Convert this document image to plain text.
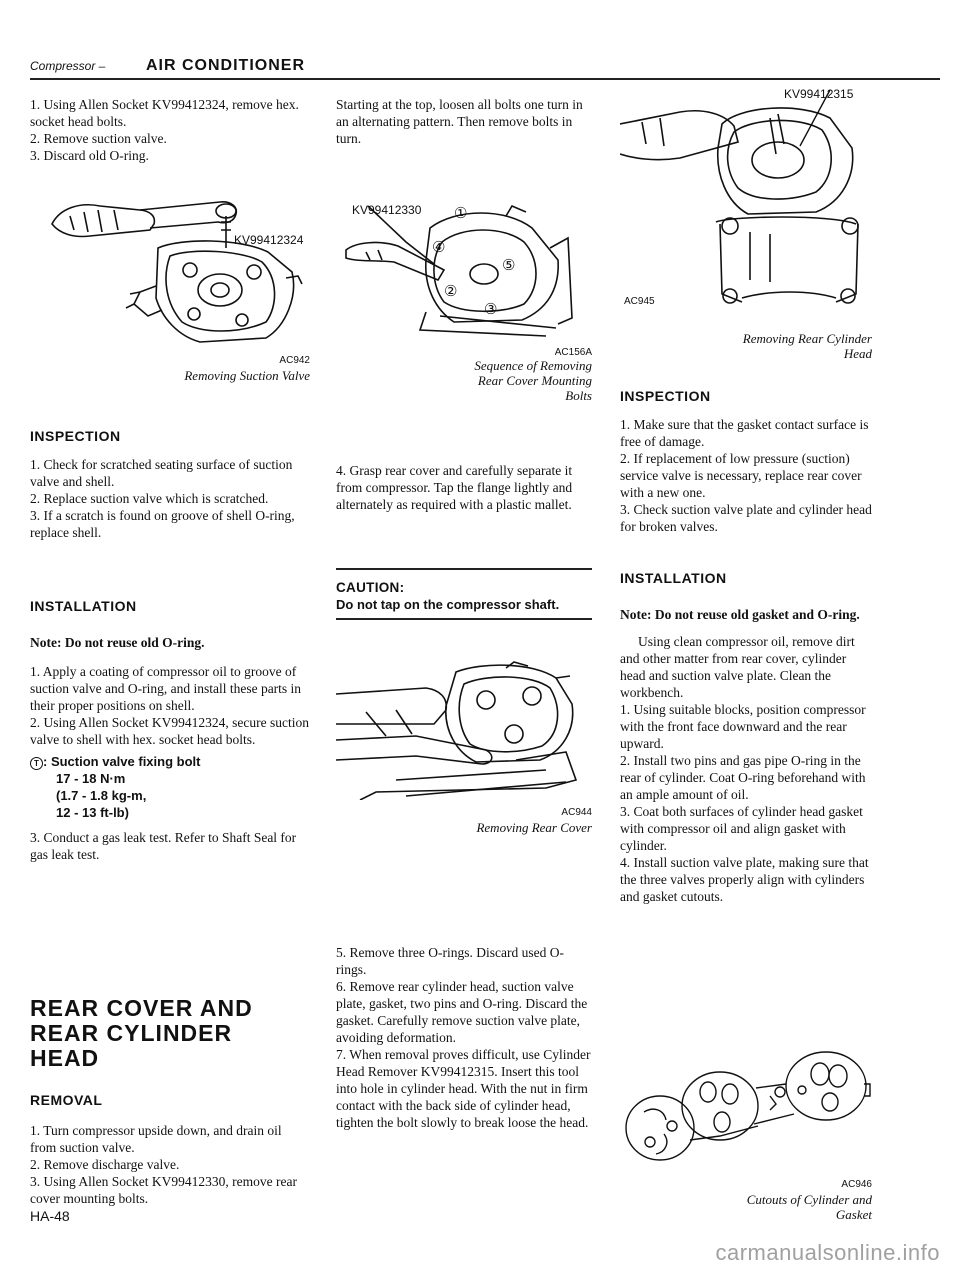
Compressor –	AIR CONDITIONER

1. Using Allen Socket KV99412324, remove hex. socket head bolts.

2. Remove suction valve.

3. Discard old O-ring.

KV99412324

AC942

Removing Suction Valve

INSPECTION

1. Check for scratched seating surface of suction valve and shell.

2. Replace suction valve which is scratched.

3. If a scratch is found on groove of shell O-ring, replace shell.

INSTALLATION

Note: Do not reuse old O-ring.

1. Apply a coating of compressor oil to groove of suction valve and O-ring, and install these parts in their proper positions on shell.

2. Using Allen Socket KV99412324, secure suction valve to shell with hex. socket head bolts.

T : Suction valve fixing bolt
17 - 18 N·m
(1.7 - 1.8 kg-m,
12 - 13 ft-lb)

3. Conduct a gas leak test. Refer to Shaft Seal for gas leak test.

REAR COVER AND

REAR CYLINDER

HEAD

REMOVAL

1. Turn compressor upside down, and drain oil from suction valve.

2. Remove discharge valve.

3. Using Allen Socket KV99412330, remove rear cover mounting bolts.

Starting at the top, loosen all bolts one turn in an alternating pattern. Then remove bolts in turn.

①
②
③
④
⑤
KV99412330

AC156A

Sequence of Removing

Rear Cover Mounting

Bolts

4. Grasp rear cover and carefully separate it from compressor. Tap the flange lightly and alternately as required with a plastic mallet.

CAUTION:

Do not tap on the compressor shaft.

AC944

Removing Rear Cover

5. Remove three O-rings. Discard used O-rings.

6. Remove rear cylinder head, suction valve plate, gasket, two pins and O-ring. Discard the gasket. Carefully remove suction valve plate, avoiding deformation.

7. When removal proves difficult, use Cylinder Head Remover KV99412315. Insert this tool into hole in cylinder head. With the nut in firm contact with the back side of cylinder head, tighten the bolt slowly to break loose the head.

KV99412315
AC945

Removing Rear Cylinder

Head

INSPECTION

1. Make sure that the gasket contact surface is free of damage.

2. If replacement of low pressure (suction) service valve is necessary, replace rear cover with a new one.

3. Check suction valve plate and cylinder head for broken valves.

INSTALLATION

Note: Do not reuse old gasket and O-ring.

Using clean compressor oil, remove dirt and other matter from rear cover, cylinder head and suction valve plate. Clean the workbench.

1. Using suitable blocks, position compressor with the front face downward and the rear upward.

2. Install two pins and gas pipe O-ring in the rear of cylinder. Coat O-ring beforehand with an ample amount of oil.

3. Coat both surfaces of cylinder head gasket with compressor oil and align gasket with cylinder.

4. Install suction valve plate, making sure that the three valves properly align with cylinders and gasket cutouts.

AC946

Cutouts of Cylinder and

Gasket

HA-48
carmanualsonline.info
